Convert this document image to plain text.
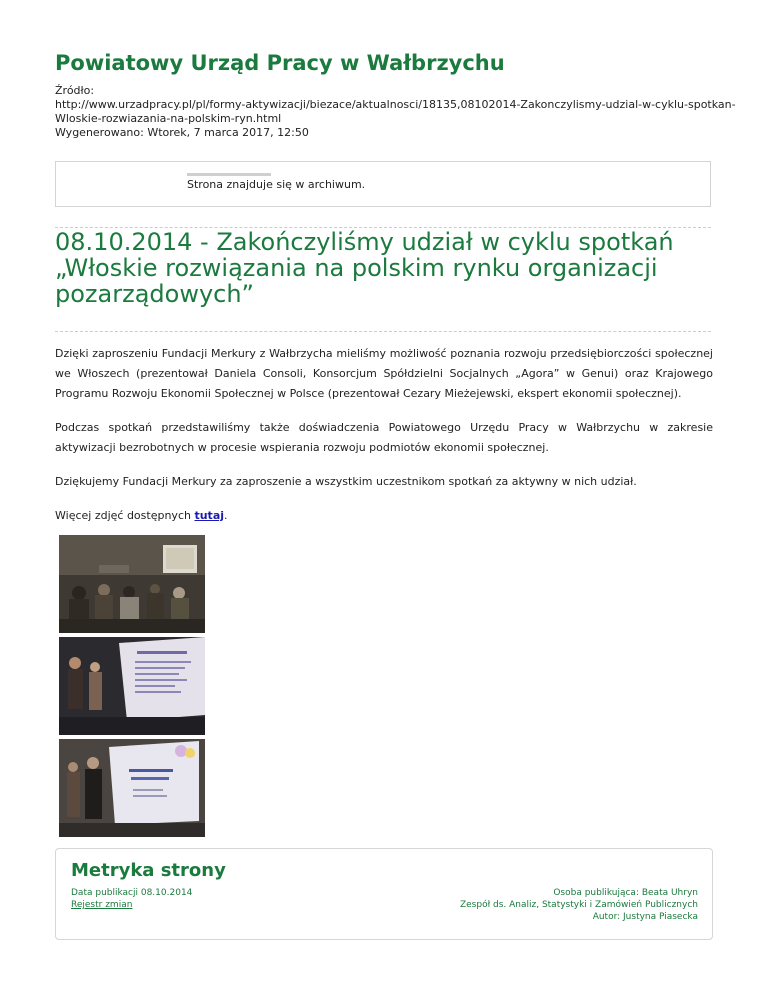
Powiatowy Urząd Pracy w Wałbrzychu
Źródło:
http://www.urzadpracy.pl/pl/formy-aktywizacji/biezace/aktualnosci/18135,08102014-Zakonczylismy-udzial-w-cyklu-spotkan-
Wloskie-rozwiazania-na-polskim-ryn.html
Wygenerowano: Wtorek, 7 marca 2017, 12:50
Strona znajduje się w archiwum.
08.10.2014 - Zakończyliśmy udział w cyklu spotkań
„Włoskie rozwiązania na polskim rynku organizacji
pozarządowych”

Dzięki zaproszeniu Fundacji Merkury z Wałbrzycha mieliśmy możliwość poznania rozwoju przedsiębiorczości społecznej we Włoszech (prezentował Daniela Consoli, Konsorcjum Spółdzielni Socjalnych „Agora” w Genui) oraz Krajowego Programu Rozwoju Ekonomii Społecznej w Polsce (prezentował Cezary Mieżejewski, ekspert ekonomii społecznej).

Podczas spotkań przedstawiliśmy także doświadczenia Powiatowego Urzędu Pracy w Wałbrzychu w zakresie aktywizacji bezrobotnych w procesie wspierania rozwoju podmiotów ekonomii społecznej.

Dziękujemy Fundacji Merkury za zaproszenie a wszystkim uczestnikom spotkań za aktywny w nich udział.

Więcej zdjęć dostępnych tutaj.

Metryka strony
Data publikacji 08.10.2014
Rejestr zmian
Osoba publikująca: Beata Uhryn
Zespół ds. Analiz, Statystyki i Zamówień Publicznych
Autor: Justyna Piasecka
